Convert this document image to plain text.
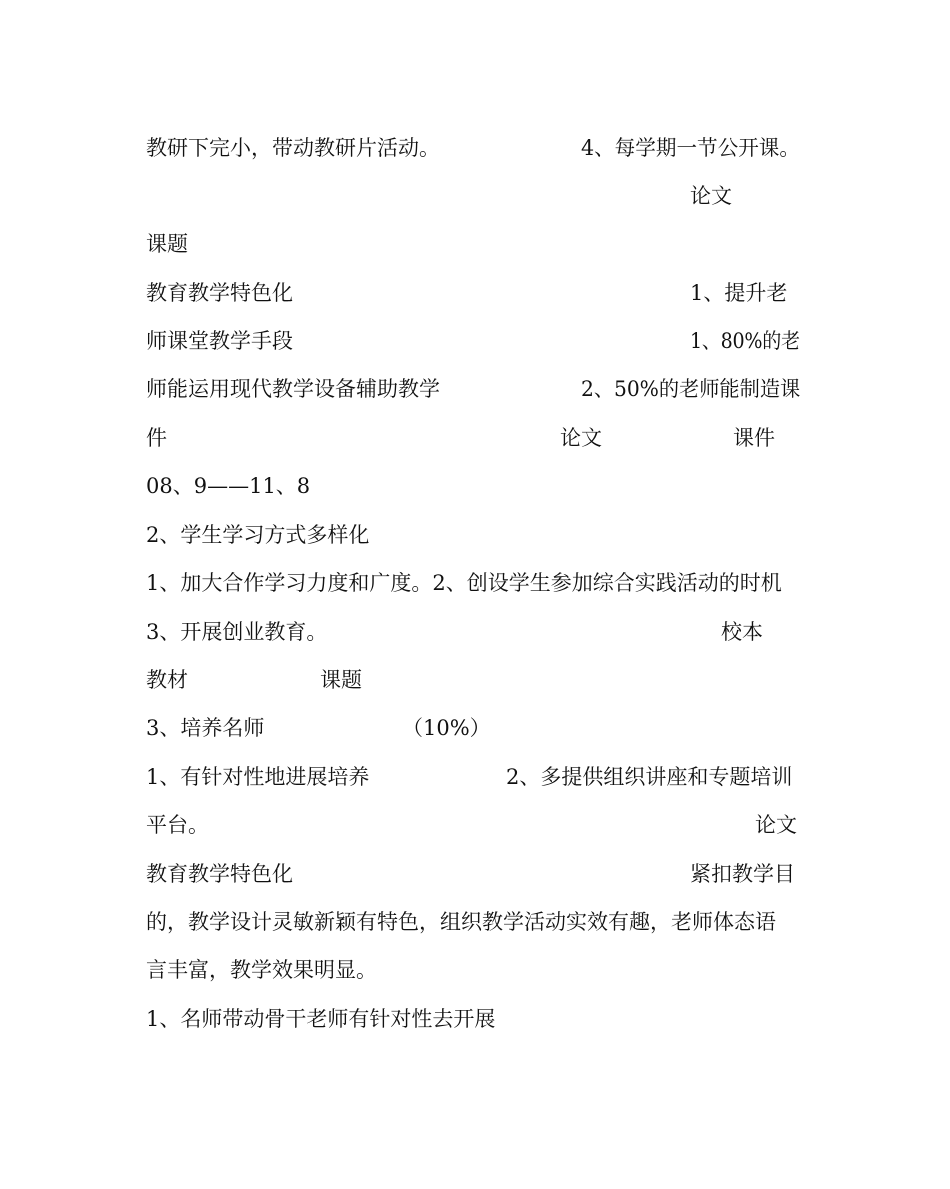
教研下完小，带动教研片活动。	4、每学期一节公开课。
论文
课题
教育教学特色化	1、提升老
师课堂教学手段	1、80%的老
师能运用现代教学设备辅助教学	2、50%的老师能制造课
件	论文	课件
08、9——11、8
2、学生学习方式多样化
1、加大合作学习力度和广度。2、创设学生参加综合实践活动的时机
3、开展创业教育。	校本
教材	课题
3、培养名师	（10%）
1、有针对性地进展培养	2、多提供组织讲座和专题培训
平台。	论文
教育教学特色化	紧扣教学目
的，教学设计灵敏新颖有特色，组织教学活动实效有趣，老师体态语
言丰富，教学效果明显。
1、名师带动骨干老师有针对性去开展
